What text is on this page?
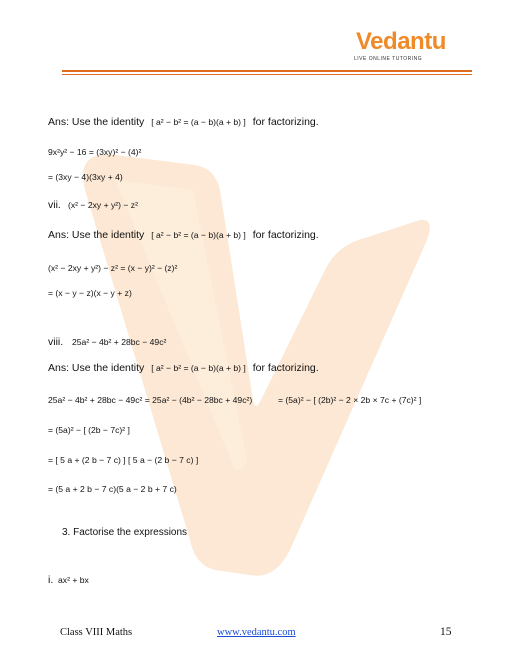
Vedantu
LIVE ONLINE TUTORING
Ans: Use the identity [ a² − b² = (a − b)(a + b) ] for factorizing.
9x²y² − 16 = (3xy)² − (4)²
= (3xy − 4)(3xy + 4)
vii. (x² − 2xy + y²) − z²
Ans: Use the identity [ a² − b² = (a − b)(a + b) ] for factorizing.
(x² − 2xy + y²) − z² = (x − y)² − (z)²
= (x − y − z)(x − y + z)
viii. 25a² − 4b² + 28bc − 49c²
Ans: Use the identity [ a² − b² = (a − b)(a + b) ] for factorizing.
25a² − 4b² + 28bc − 49c² = 25a² − (4b² − 28bc + 49c²)	= (5a)² − [ (2b)² − 2 × 2b × 7c + (7c)² ]
= (5a)² − [ (2b − 7c)² ]
= [ 5 a + (2 b − 7 c) ] [ 5 a − (2 b − 7 c) ]
= (5 a + 2 b − 7 c)(5 a − 2 b + 7 c)
3. Factorise the expressions
i. ax² + bx
Class VIII Maths	www.vedantu.com	15
